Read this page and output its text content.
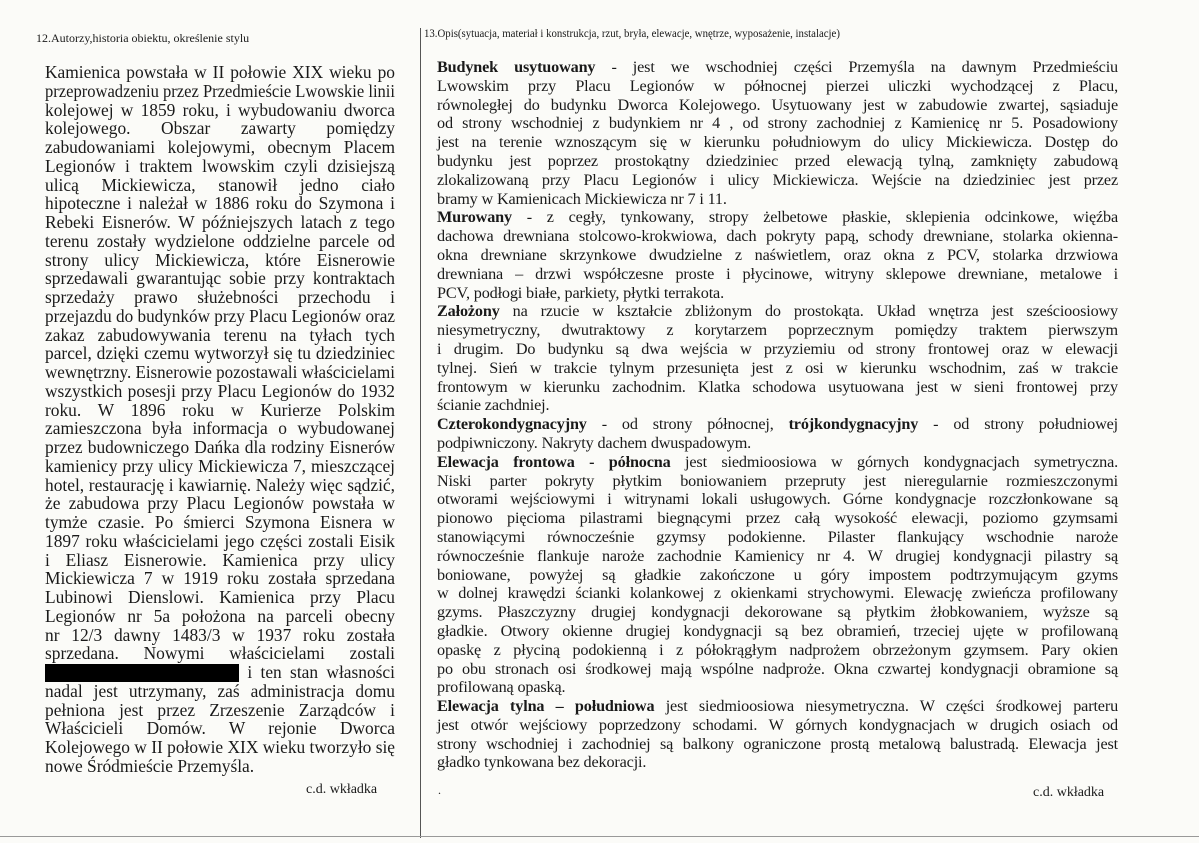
12.Autorzy,historia obiektu, określenie stylu	13.Opis(sytuacja, materiał i konstrukcja, rzut, bryła, elewacje, wnętrze, wyposażenie, instalacje)
Kamienica powstała w II połowie XIX wieku po
przeprowadzeniu przez Przedmieście Lwowskie linii
kolejowej w 1859 roku, i wybudowaniu dworca
kolejowego. Obszar zawarty pomiędzy
zabudowaniami kolejowymi, obecnym Placem
Legionów i traktem lwowskim czyli dzisiejszą
ulicą Mickiewicza, stanowił jedno ciało
hipoteczne i należał w 1886 roku do Szymona i
Rebeki Eisnerów. W późniejszych latach z tego
terenu zostały wydzielone oddzielne parcele od
strony ulicy Mickiewicza, które Eisnerowie
sprzedawali gwarantując sobie przy kontraktach
sprzedaży prawo służebności przechodu i
przejazdu do budynków przy Placu Legionów oraz
zakaz zabudowywania terenu na tyłach tych
parcel, dzięki czemu wytworzył się tu dziedziniec
wewnętrzny. Eisnerowie pozostawali właścicielami
wszystkich posesji przy Placu Legionów do 1932
roku. W 1896 roku w Kurierze Polskim
zamieszczona była informacja o wybudowanej
przez budowniczego Dańka dla rodziny Eisnerów
kamienicy przy ulicy Mickiewicza 7, mieszczącej
hotel, restaurację i kawiarnię. Należy więc sądzić,
że zabudowa przy Placu Legionów powstała w
tymże czasie. Po śmierci Szymona Eisnera w
1897 roku właścicielami jego części zostali Eisik
i Eliasz Eisnerowie. Kamienica przy ulicy
Mickiewicza 7 w 1919 roku została sprzedana
Lubinowi Dienslowi. Kamienica przy Placu
Legionów nr 5a położona na parceli obecny
nr 12/3 dawny 1483/3 w 1937 roku została
sprzedana. Nowymi właścicielami zostali
i ten stan własności
nadal jest utrzymany, zaś administracja domu
pełniona jest przez Zrzeszenie Zarządców i
Właścicieli Domów. W rejonie Dworca
Kolejowego w II połowie XIX wieku tworzyło się
nowe Śródmieście Przemyśla.
Budynek usytuowany - jest we wschodniej części Przemyśla na dawnym Przedmieściu
Lwowskim przy Placu Legionów w północnej pierzei uliczki wychodzącej z Placu,
równoległej do budynku Dworca Kolejowego. Usytuowany jest w zabudowie zwartej, sąsiaduje
od strony wschodniej z budynkiem nr 4 , od strony zachodniej z Kamienicę nr 5. Posadowiony
jest na terenie wznoszącym się w kierunku południowym do ulicy Mickiewicza. Dostęp do
budynku jest poprzez prostokątny dziedziniec przed elewacją tylną, zamknięty zabudową
zlokalizowaną przy Placu Legionów i ulicy Mickiewicza. Wejście na dziedziniec jest przez
bramy w Kamienicach Mickiewicza nr 7 i 11.
Murowany - z cegły, tynkowany, stropy żelbetowe płaskie, sklepienia odcinkowe, więźba
dachowa drewniana stolcowo-krokwiowa, dach pokryty papą, schody drewniane, stolarka okienna-
okna drewniane skrzynkowe dwudzielne z naświetlem, oraz okna z PCV, stolarka drzwiowa
drewniana – drzwi współczesne proste i płycinowe, witryny sklepowe drewniane, metalowe i
PCV, podłogi białe, parkiety, płytki terrakota.
Założony na rzucie w kształcie zbliżonym do prostokąta. Układ wnętrza jest sześcioosiowy
niesymetryczny, dwutraktowy z korytarzem poprzecznym pomiędzy traktem pierwszym
i drugim. Do budynku są dwa wejścia w przyziemiu od strony frontowej oraz w elewacji
tylnej. Sień w trakcie tylnym przesunięta jest z osi w kierunku wschodnim, zaś w trakcie
frontowym w kierunku zachodnim. Klatka schodowa usytuowana jest w sieni frontowej przy
ścianie zachdniej.
Czterokondygnacyjny - od strony północnej, trójkondygnacyjny - od strony południowej
podpiwniczony. Nakryty dachem dwuspadowym.
Elewacja frontowa - północna jest siedmioosiowa w górnych kondygnacjach symetryczna.
Niski parter pokryty płytkim boniowaniem przepruty jest nieregularnie rozmieszczonymi
otworami wejściowymi i witrynami lokali usługowych. Górne kondygnacje rozczłonkowane są
pionowo pięcioma pilastrami biegnącymi przez całą wysokość elewacji, poziomo gzymsami
stanowiącymi równocześnie gzymsy podokienne. Pilaster flankujący wschodnie naroże
równocześnie flankuje naroże zachodnie Kamienicy nr 4. W drugiej kondygnacji pilastry są
boniowane, powyżej są gładkie zakończone u góry impostem podtrzymującym gzyms
w dolnej krawędzi ścianki kolankowej z okienkami strychowymi. Elewację zwieńcza profilowany
gzyms. Płaszczyzny drugiej kondygnacji dekorowane są płytkim żłobkowaniem, wyższe są
gładkie. Otwory okienne drugiej kondygnacji są bez obramień, trzeciej ujęte w profilowaną
opaskę z płyciną podokienną i z półokrągłym nadprożem obrzeżonym gzymsem. Pary okien
po obu stronach osi środkowej mają wspólne nadproże. Okna czwartej kondygnacji obramione są
profilowaną opaską.
Elewacja tylna – południowa jest siedmioosiowa niesymetryczna. W części środkowej parteru
jest otwór wejściowy poprzedzony schodami. W górnych kondygnacjach w drugich osiach od
strony wschodniej i zachodniej są balkony ograniczone prostą metalową balustradą. Elewacja jest
gładko tynkowana bez dekoracji.
c.d. wkładka	.	c.d. wkładka
